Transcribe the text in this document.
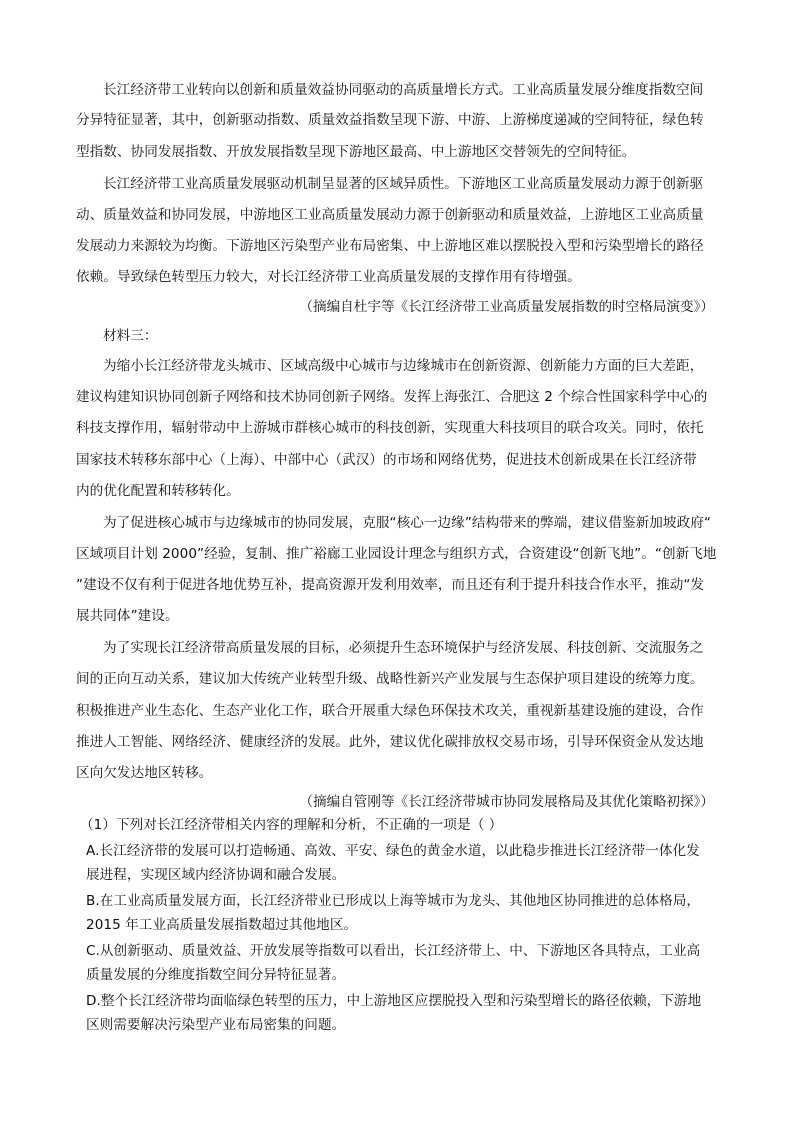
长江经济带工业转向以创新和质量效益协同驱动的高质量增长方式。工业高质量发展分维度指数空间
分异特征显著，其中，创新驱动指数、质量效益指数呈现下游、中游、上游梯度递减的空间特征，绿色转
型指数、协同发展指数、开放发展指数呈现下游地区最高、中上游地区交替领先的空间特征。
长江经济带工业高质量发展驱动机制呈显著的区域异质性。下游地区工业高质量发展动力源于创新驱
动、质量效益和协同发展，中游地区工业高质量发展动力源于创新驱动和质量效益，上游地区工业高质量
发展动力来源较为均衡。下游地区污染型产业布局密集、中上游地区难以摆脱投入型和污染型增长的路径
依赖。导致绿色转型压力较大，对长江经济带工业高质量发展的支撑作用有待增强。
（摘编自杜宇等《长江经济带工业高质量发展指数的时空格局演变》）
材料三：
为缩小长江经济带龙头城市、区域高级中心城市与边缘城市在创新资源、创新能力方面的巨大差距，
建议构建知识协同创新子网络和技术协同创新子网络。发挥上海张江、合肥这 2 个综合性国家科学中心的
科技支撑作用，辐射带动中上游城市群核心城市的科技创新，实现重大科技项目的联合攻关。同时，依托
国家技术转移东部中心（上海）、中部中心（武汉）的市场和网络优势，促进技术创新成果在长江经济带
内的优化配置和转移转化。
为了促进核心城市与边缘城市的协同发展，克服“核心一边缘”结构带来的弊端，建议借鉴新加坡政府“
区域项目计划 2000”经验，复制、推广裕廊工业园设计理念与组织方式，合资建设“创新飞地”。“创新飞地
”建设不仅有利于促进各地优势互补，提高资源开发利用效率，而且还有利于提升科技合作水平，推动“发
展共同体”建设。
为了实现长江经济带高质量发展的目标，必须提升生态环境保护与经济发展、科技创新、交流服务之
间的正向互动关系，建议加大传统产业转型升级、战略性新兴产业发展与生态保护项目建设的统筹力度。
积极推进产业生态化、生态产业化工作，联合开展重大绿色环保技术攻关，重视新基建设施的建设，合作
推进人工智能、网络经济、健康经济的发展。此外，建议优化碳排放权交易市场，引导环保资金从发达地
区向欠发达地区转移。
（摘编自管刚等《长江经济带城市协同发展格局及其优化策略初探》）
（1）下列对长江经济带相关内容的理解和分析，不正确的一项是（ ）
A.长江经济带的发展可以打造畅通、高效、平安、绿色的黄金水道，以此稳步推进长江经济带一体化发
展进程，实现区域内经济协调和融合发展。
B.在工业高质量发展方面，长江经济带业已形成以上海等城市为龙头、其他地区协同推进的总体格局，
2015 年工业高质量发展指数超过其他地区。
C.从创新驱动、质量效益、开放发展等指数可以看出，长江经济带上、中、下游地区各具特点，工业高
质量发展的分维度指数空间分异特征显著。
D.整个长江经济带均面临绿色转型的压力，中上游地区应摆脱投入型和污染型增长的路径依赖，下游地
区则需要解决污染型产业布局密集的问题。
